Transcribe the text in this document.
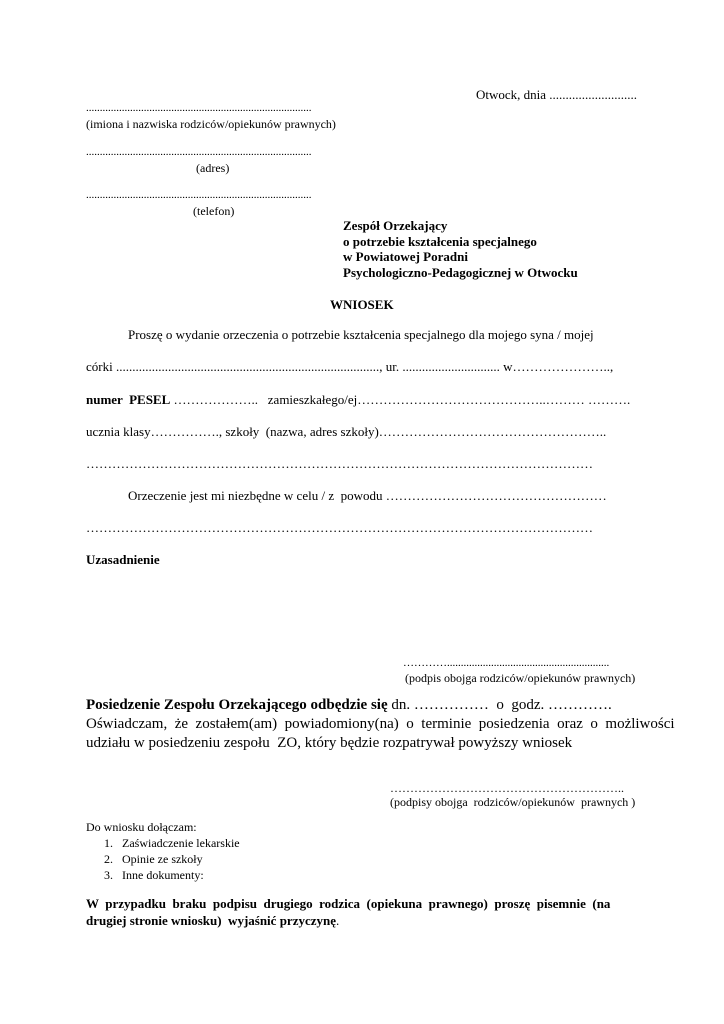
Otwock, dnia ...........................
..................................................................................
(imiona i nazwiska rodziców/opiekunów prawnych)
..................................................................................
(adres)
..................................................................................
(telefon)
Zespół Orzekający
o potrzebie kształcenia specjalnego
w Powiatowej Poradni
Psychologiczno-Pedagogicznej w Otwocku
WNIOSEK
Proszę o wydanie orzeczenia o potrzebie kształcenia specjalnego dla mojego syna / mojej
córki ................................................................................., ur. .............................. w…………………..,
numer  PESEL ………………..   zamieszkałego/ej……………………………………..……… ……….
ucznia klasy……………., szkoły  (nazwa, adres szkoły)……………………………………………..
………………………………………………………………………………………………………
Orzeczenie jest mi niezbędne w celu / z  powodu ……………………………………………
………………………………………………………………………………………………………
Uzasadnienie
…………...........................................................
(podpis obojga rodziców/opiekunów prawnych)
Posiedzenie Zespołu Orzekającego odbędzie się dn. ……………  o  godz. ………….
Oświadczam,  że  zostałem(am)  powiadomiony(na)  o  terminie  posiedzenia  oraz  o  możliwości
udziału w posiedzeniu zespołu  ZO, który będzie rozpatrywał powyższy wniosek
…………………………………………………..
(podpisy obojga  rodziców/opiekunów  prawnych )
Do wniosku dołączam:
1.   Zaświadczenie lekarskie
2.   Opinie ze szkoły
3.   Inne dokumenty:
W  przypadku  braku  podpisu  drugiego  rodzica  (opiekuna  prawnego)  proszę  pisemnie  (na
drugiej stronie wniosku)  wyjaśnić przyczynę.
